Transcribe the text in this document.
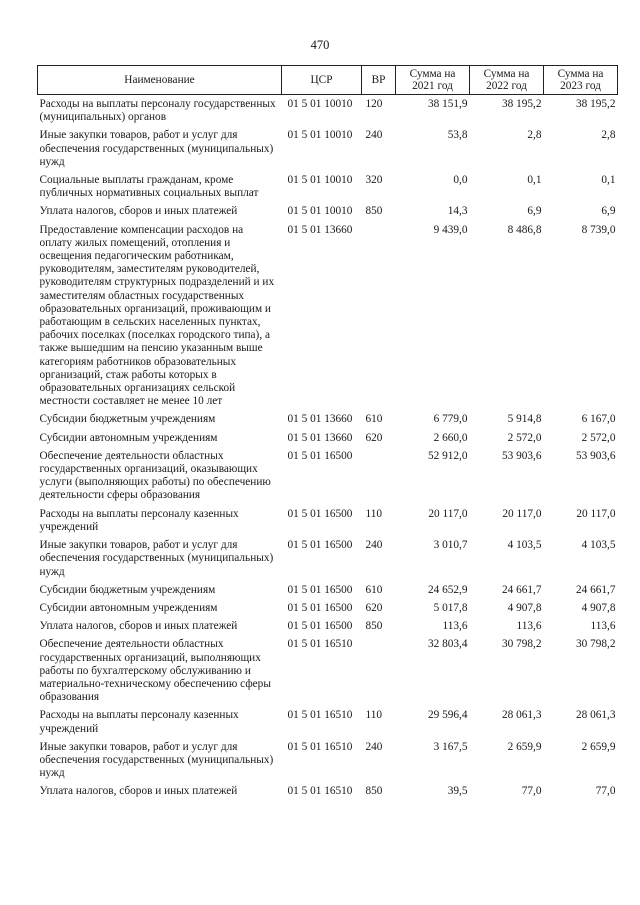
470
Наименование	ЦСР	ВР	Сумма на 2021 год	Сумма на 2022 год	Сумма на 2023 год
Расходы на выплаты персоналу государственных (муниципальных) органов	01 5 01 10010	120	38 151,9	38 195,2	38 195,2
Иные закупки товаров, работ и услуг для обеспечения государственных (муниципальных) нужд	01 5 01 10010	240	53,8	2,8	2,8
Социальные выплаты гражданам, кроме публичных нормативных социальных выплат	01 5 01 10010	320	0,0	0,1	0,1
Уплата налогов, сборов и иных платежей	01 5 01 10010	850	14,3	6,9	6,9
Предоставление компенсации расходов на оплату жилых помещений, отопления и освещения педагогическим работникам, руководителям, заместителям руководителей, руководителям структурных подразделений и их заместителям областных государственных образовательных организаций, проживающим и работающим в сельских населенных пунктах, рабочих поселках (поселках городского типа), а также вышедшим на пенсию указанным выше категориям работников образовательных организаций, стаж работы которых в образовательных организациях сельской местности составляет не менее 10 лет	01 5 01 13660		9 439,0	8 486,8	8 739,0
Субсидии бюджетным учреждениям	01 5 01 13660	610	6 779,0	5 914,8	6 167,0
Субсидии автономным учреждениям	01 5 01 13660	620	2 660,0	2 572,0	2 572,0
Обеспечение деятельности областных государственных организаций, оказывающих услуги (выполняющих работы) по обеспечению деятельности сферы образования	01 5 01 16500		52 912,0	53 903,6	53 903,6
Расходы на выплаты персоналу казенных учреждений	01 5 01 16500	110	20 117,0	20 117,0	20 117,0
Иные закупки товаров, работ и услуг для обеспечения государственных (муниципальных) нужд	01 5 01 16500	240	3 010,7	4 103,5	4 103,5
Субсидии бюджетным учреждениям	01 5 01 16500	610	24 652,9	24 661,7	24 661,7
Субсидии автономным учреждениям	01 5 01 16500	620	5 017,8	4 907,8	4 907,8
Уплата налогов, сборов и иных платежей	01 5 01 16500	850	113,6	113,6	113,6
Обеспечение деятельности областных государственных организаций, выполняющих работы по бухгалтерскому обслуживанию и материально-техническому обеспечению сферы образования	01 5 01 16510		32 803,4	30 798,2	30 798,2
Расходы на выплаты персоналу казенных учреждений	01 5 01 16510	110	29 596,4	28 061,3	28 061,3
Иные закупки товаров, работ и услуг для обеспечения государственных (муниципальных) нужд	01 5 01 16510	240	3 167,5	2 659,9	2 659,9
Уплата налогов, сборов и иных платежей	01 5 01 16510	850	39,5	77,0	77,0
